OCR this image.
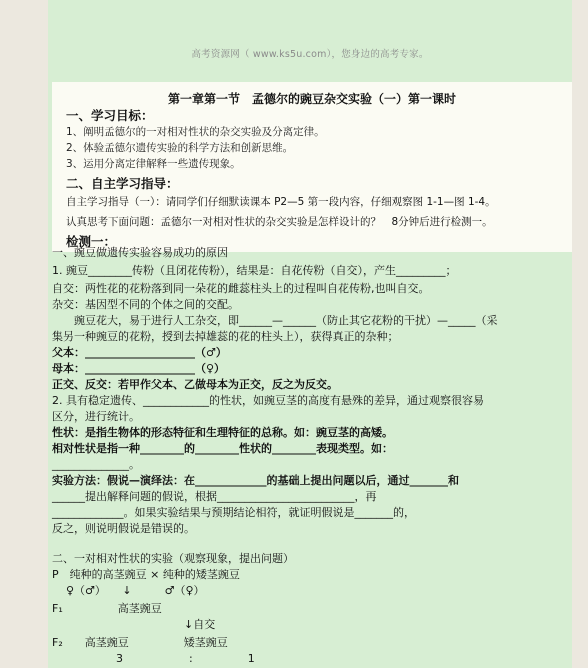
高考资源网（ www.ks5u.com），您身边的高考专家。
第一章第一节　孟德尔的豌豆杂交实验（一）第一课时
一、学习目标：
1、阐明孟德尔的一对相对性状的杂交实验及分离定律。
2、体验孟德尔遗传实验的科学方法和创新思维。
3、运用分离定律解释一些遗传现象。
二、自主学习指导：
自主学习指导（一）：请同学们仔细默读课本 P2—5 第一段内容，仔细观察图 1-1—图 1-4。
认真思考下面问题：孟德尔一对相对性状的杂交实验是怎样设计的？　8分钟后进行检测一。
检测一：
一、豌豆做遗传实验容易成功的原因
1. 豌豆________传粉（且闭花传粉），结果是：自花传粉（自交），产生_________；
自交：两性花的花粉落到同一朵花的雌蕊柱头上的过程叫自花传粉,也叫自交。
杂交：基因型不同的个体之间的交配。
　　豌豆花大，易于进行人工杂交，即______—______（防止其它花粉的干扰）—_____（采
集另一种豌豆的花粉，授到去掉雄蕊的花的柱头上），获得真正的杂种；
父本：____________________（♂）
母本：____________________（♀）
正交、反交：若甲作父本、乙做母本为正交，反之为反交。
2. 具有稳定遗传、____________的性状，如豌豆茎的高度有悬殊的差异，通过观察很容易
区分，进行统计。
性状：是指生物体的形态特征和生理特征的总称。如：豌豆茎的高矮。
相对性状是指一种________的________性状的________表现类型。如：
______________。
实验方法：假说—演绎法：在_____________的基础上提出问题以后，通过_______和
______提出解释问题的假说，根据_________________________，再
_____________。如果实验结果与预期结论相符，就证明假说是_______的，
反之，则说明假说是错误的。
二、一对相对性状的实验（观察现象，提出问题）
P　纯种的高茎豌豆 × 纯种的矮茎豌豆
♀（♂）　　↓　　　♂（♀）
F₁　　　　　高茎豌豆
↓自交
F₂　　高茎豌豆　　　　　矮茎豌豆
3　　　　　　:　　　　　1
